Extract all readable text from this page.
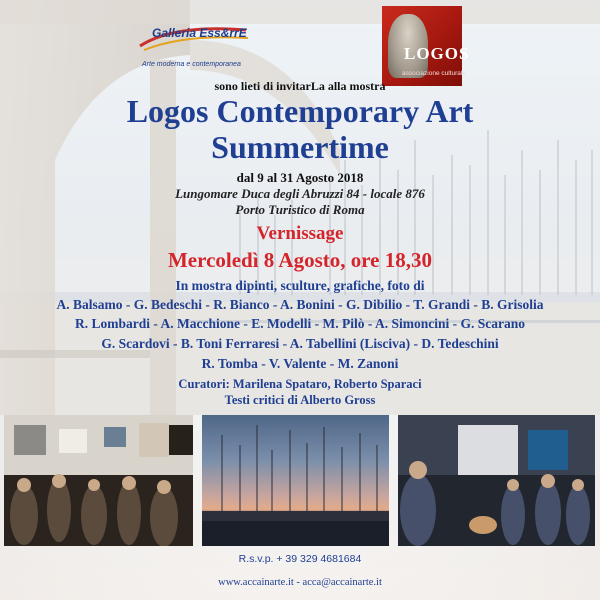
Galleria Ess&rrE
Arte moderna e contemporanea
LOGOS
associazione culturale
sono lieti di invitarLa alla mostra
Logos Contemporary Art
Summertime
dal 9 al 31 Agosto 2018
Lungomare Duca degli Abruzzi 84 - locale 876
Porto Turistico di Roma
Vernissage
Mercoledì 8 Agosto, ore 18,30
In mostra dipinti, sculture, grafiche, foto di
A. Balsamo - G. Bedeschi - R. Bianco - A. Bonini - G. Dibilio - T. Grandi - B. Grisolia
R. Lombardi - A. Macchione - E. Modelli - M. Pilò - A. Simoncini - G. Scarano
G. Scardovi - B. Toni Ferraresi - A. Tabellini (Lisciva) - D. Tedeschini
R. Tomba - V. Valente - M. Zanoni
Curatori: Marilena Spataro, Roberto Sparaci
Testi critici di Alberto Gross
R.s.v.p. + 39 329 4681684
www.accainarte.it - acca@accainarte.it
